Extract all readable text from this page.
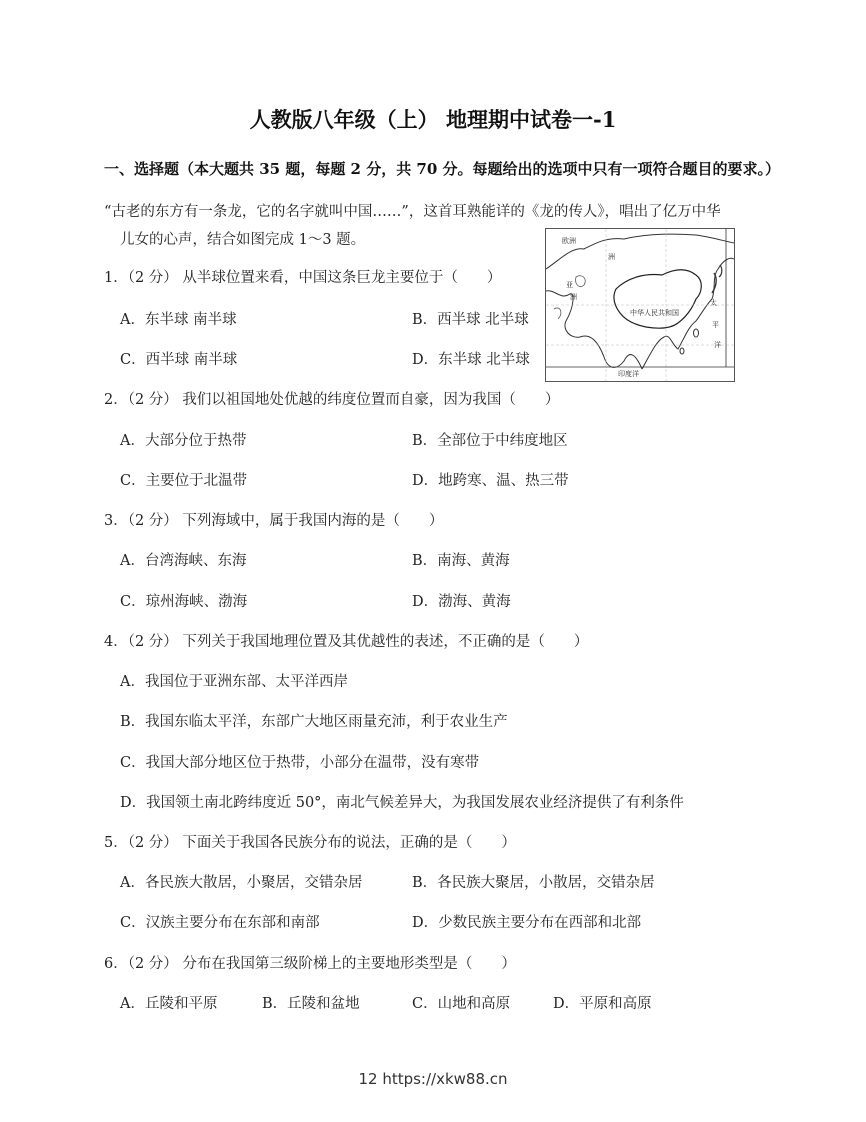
人教版八年级（上） 地理期中试卷一-1
一、选择题（本大题共 35 题，每题 2 分，共 70 分。每题给出的选项中只有一项符合题目的要求。）
“古老的东方有一条龙，它的名字就叫中国……”，这首耳熟能详的《龙的传人》，唱出了亿万中华
儿女的心声，结合如图完成 1～3 题。	欧洲
洲
亚
洲
中华人民共和国
太
平
洋
印度洋
1．（2 分） 从半球位置来看，中国这条巨龙主要位于（　　）
A．东半球 南半球	B．西半球 北半球
C．西半球 南半球	D．东半球 北半球
2．（2 分） 我们以祖国地处优越的纬度位置而自豪，因为我国（　　）
A．大部分位于热带	B．全部位于中纬度地区
C．主要位于北温带	D．地跨寒、温、热三带
3．（2 分） 下列海域中，属于我国内海的是（　　）
A．台湾海峡、东海	B．南海、黄海
C．琼州海峡、渤海	D．渤海、黄海
4．（2 分） 下列关于我国地理位置及其优越性的表述，不正确的是（　　）
A．我国位于亚洲东部、太平洋西岸
B．我国东临太平洋，东部广大地区雨量充沛，利于农业生产
C．我国大部分地区位于热带，小部分在温带，没有寒带
D．我国领土南北跨纬度近 50°，南北气候差异大，为我国发展农业经济提供了有利条件
5．（2 分） 下面关于我国各民族分布的说法，正确的是（　　）
A．各民族大散居，小聚居，交错杂居	B．各民族大聚居，小散居，交错杂居
C．汉族主要分布在东部和南部	D．少数民族主要分布在西部和北部
6．（2 分） 分布在我国第三级阶梯上的主要地形类型是（　　）
A．丘陵和平原	B．丘陵和盆地	C．山地和高原	D．平原和高原
12 https://xkw88.cn
